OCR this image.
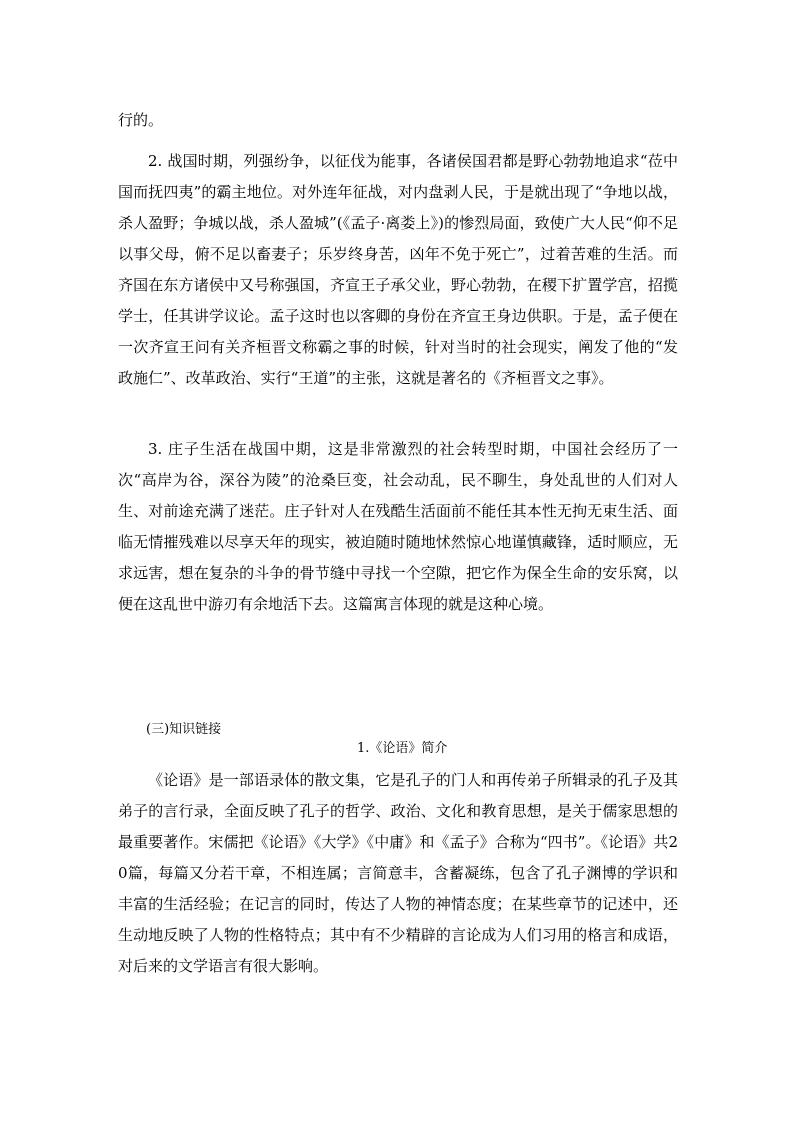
行的。

2. 战国时期，列强纷争，以征伐为能事，各诸侯国君都是野心勃勃地追求“莅中国而抚四夷”的霸主地位。对外连年征战，对内盘剥人民，于是就出现了“争地以战，杀人盈野；争城以战，杀人盈城”(《孟子·离娄上》)的惨烈局面，致使广大人民“仰不足以事父母，俯不足以畜妻子；乐岁终身苦，凶年不免于死亡”，过着苦难的生活。而齐国在东方诸侯中又号称强国，齐宣王子承父业，野心勃勃，在稷下扩置学宫，招揽学士，任其讲学议论。孟子这时也以客卿的身份在齐宣王身边供职。于是，孟子便在一次齐宣王问有关齐桓晋文称霸之事的时候，针对当时的社会现实，阐发了他的“发政施仁”、改革政治、实行“王道”的主张，这就是著名的《齐桓晋文之事》。

3. 庄子生活在战国中期，这是非常激烈的社会转型时期，中国社会经历了一次“高岸为谷，深谷为陵”的沧桑巨变，社会动乱，民不聊生，身处乱世的人们对人生、对前途充满了迷茫。庄子针对人在残酷生活面前不能任其本性无拘无束生活、面临无情摧残难以尽享天年的现实，被迫随时随地怵然惊心地谨慎藏锋，适时顺应，无求远害，想在复杂的斗争的骨节缝中寻找一个空隙，把它作为保全生命的安乐窝，以便在这乱世中游刃有余地活下去。这篇寓言体现的就是这种心境。

(三)知识链接

1.《论语》简介

《论语》是一部语录体的散文集，它是孔子的门人和再传弟子所辑录的孔子及其弟子的言行录，全面反映了孔子的哲学、政治、文化和教育思想，是关于儒家思想的最重要著作。宋儒把《论语》《大学》《中庸》和《孟子》合称为“四书”。《论语》共20篇，每篇又分若干章，不相连属；言简意丰，含蓄凝练，包含了孔子渊博的学识和丰富的生活经验；在记言的同时，传达了人物的神情态度；在某些章节的记述中，还生动地反映了人物的性格特点；其中有不少精辟的言论成为人们习用的格言和成语，对后来的文学语言有很大影响。
